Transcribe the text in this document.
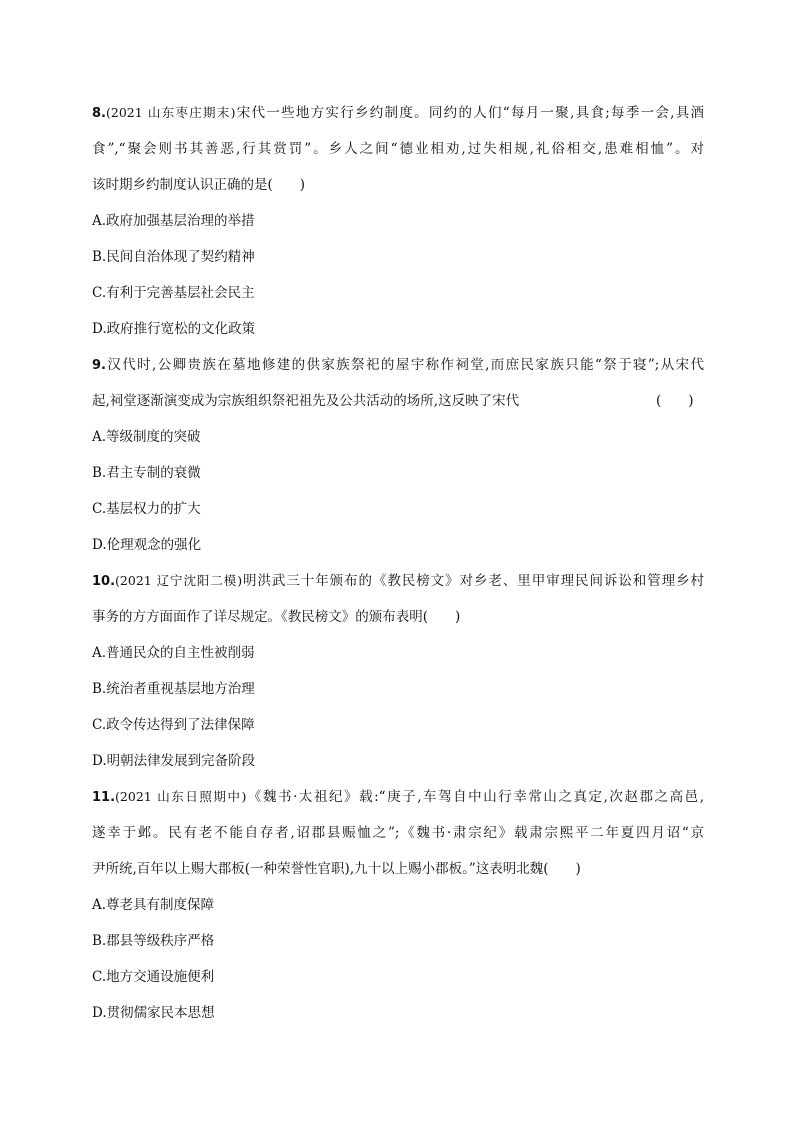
8.(2021 山东枣庄期末)宋代一些地方实行乡约制度。同约的人们“每月一聚,具食;每季一会,具酒
食”,“聚会则书其善恶,行其赏罚”。乡人之间“德业相劝,过失相规,礼俗相交,患难相恤”。对
该时期乡约制度认识正确的是(　　)
A.政府加强基层治理的举措
B.民间自治体现了契约精神
C.有利于完善基层社会民主
D.政府推行宽松的文化政策
9.汉代时,公卿贵族在墓地修建的供家族祭祀的屋宇称作祠堂,而庶民家族只能“祭于寝”;从宋代
起,祠堂逐渐演变成为宗族组织祭祀祖先及公共活动的场所,这反映了宋代	(　　)
A.等级制度的突破
B.君主专制的衰微
C.基层权力的扩大
D.伦理观念的强化
10.(2021 辽宁沈阳二模)明洪武三十年颁布的《教民榜文》对乡老、里甲审理民间诉讼和管理乡村
事务的方方面面作了详尽规定。《教民榜文》的颁布表明(　　)
A.普通民众的自主性被削弱
B.统治者重视基层地方治理
C.政令传达得到了法律保障
D.明朝法律发展到完备阶段
11.(2021 山东日照期中)《魏书·太祖纪》载:“庚子,车驾自中山行幸常山之真定,次赵郡之高邑,
遂幸于邺。民有老不能自存者,诏郡县赈恤之”;《魏书·肃宗纪》载肃宗熙平二年夏四月诏“京
尹所统,百年以上赐大郡板(一种荣誉性官职),九十以上赐小郡板。”这表明北魏(　　)
A.尊老具有制度保障
B.郡县等级秩序严格
C.地方交通设施便利
D.贯彻儒家民本思想
